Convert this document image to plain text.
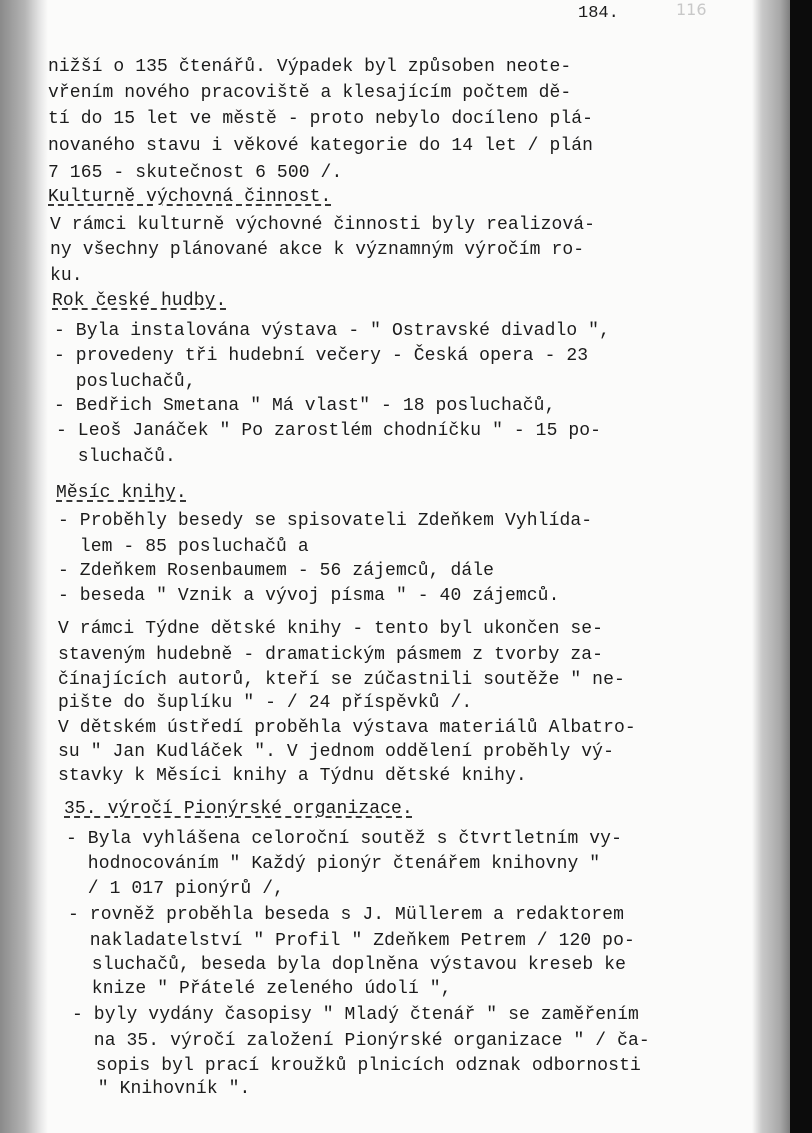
184.	116
nižší o 135 čtenářů. Výpadek byl způsoben neote-
vřením nového pracoviště a klesajícím počtem dě-
tí do 15 let ve městě - proto nebylo docíleno plá-
novaného stavu i věkové kategorie do 14 let / plán
7 165 - skutečnost 6 500 /.
Kulturně výchovná činnost.
V rámci kulturně výchovné činnosti byly realizová-
ny všechny plánované akce k významným výročím ro-
ku.
Rok české hudby.
- Byla instalována výstava - " Ostravské divadlo ",
- provedeny tři hudební večery - Česká opera - 23
posluchačů,
- Bedřich Smetana " Má vlast" - 18 posluchačů,
- Leoš Janáček " Po zarostlém chodníčku " - 15 po-
sluchačů.
Měsíc knihy.
- Proběhly besedy se spisovateli Zdeňkem Vyhlída-
lem - 85 posluchačů a
- Zdeňkem Rosenbaumem - 56 zájemců, dále
- beseda " Vznik a vývoj písma " - 40 zájemců.
V rámci Týdne dětské knihy - tento byl ukončen se-
staveným hudebně - dramatickým pásmem z tvorby za-
čínajících autorů, kteří se zúčastnili soutěže " ne-
pište do šuplíku " - / 24 příspěvků /.
V dětském ústředí proběhla výstava materiálů Albatro-
su " Jan Kudláček ". V jednom oddělení proběhly vý-
stavky k Měsíci knihy a Týdnu dětské knihy.
35. výročí Pionýrské organizace.
- Byla vyhlášena celoroční soutěž s čtvrtletním vy-
hodnocováním " Každý pionýr čtenářem knihovny "
/ 1 017 pionýrů /,
- rovněž proběhla beseda s J. Müllerem a redaktorem
nakladatelství " Profil " Zdeňkem Petrem / 120 po-
sluchačů, beseda byla doplněna výstavou kreseb ke
knize " Přátelé zeleného údolí ",
- byly vydány časopisy " Mladý čtenář " se zaměřením
na 35. výročí založení Pionýrské organizace " / ča-
sopis byl prací kroužků plnicích odznak odbornosti
" Knihovník ".
